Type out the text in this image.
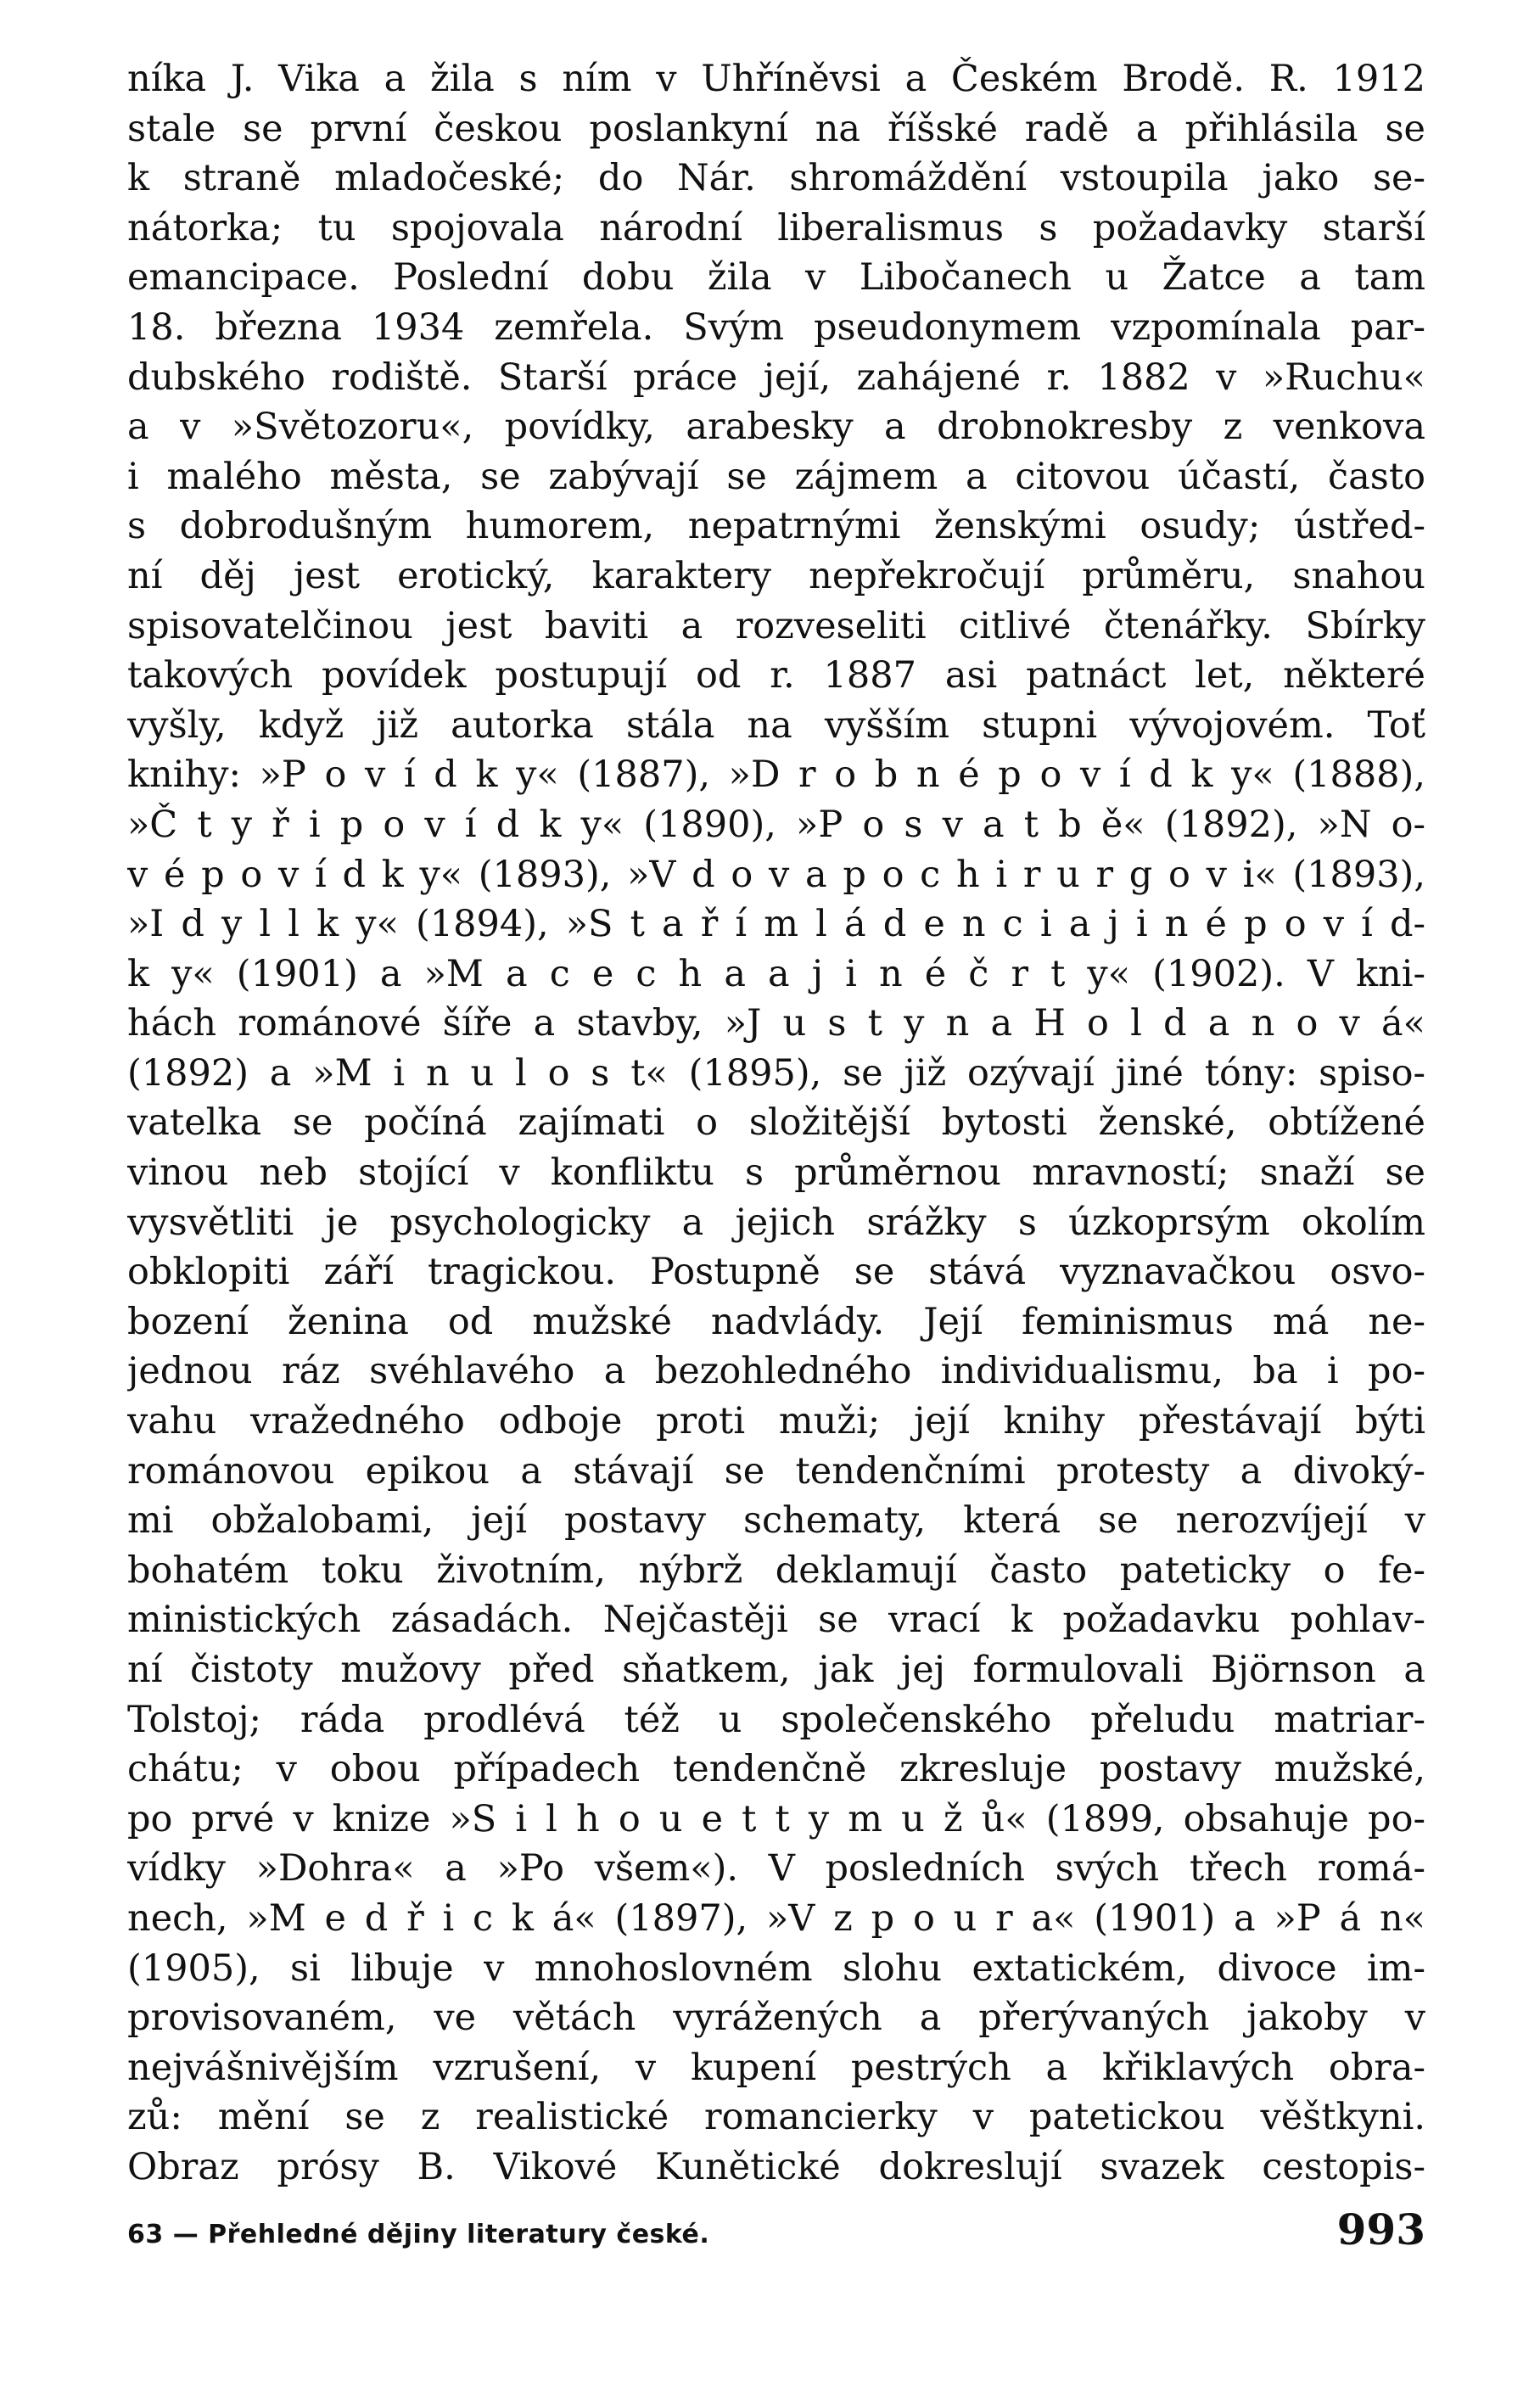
níka J. Vika a žila s ním v Uhříněvsi a Českém Brodě. R. 1912
stale se první českou poslankyní na říšské radě a přihlásila se
k straně mladočeské; do Nár. shromáždění vstoupila jako se-
nátorka; tu spojovala národní liberalismus s požadavky starší
emancipace. Poslední dobu žila v Libočanech u Žatce a tam
18. března 1934 zemřela. Svým pseudonymem vzpomínala par-
dubského rodiště. Starší práce její, zahájené r. 1882 v »Ruchu«
a v »Světozoru«, povídky, arabesky a drobnokresby z venkova
i malého města, se zabývají se zájmem a citovou účastí, často
s dobrodušným humorem, nepatrnými ženskými osudy; ústřed-
ní děj jest erotický, karaktery nepřekročují průměru, snahou
spisovatelčinou jest baviti a rozveseliti citlivé čtenářky. Sbírky
takových povídek postupují od r. 1887 asi patnáct let, některé
vyšly, když již autorka stála na vyšším stupni vývojovém. Toť
knihy: »P o v í d k y« (1887), »D r o b n é p o v í d k y« (1888),
»Č t y ř i p o v í d k y« (1890), »P o s v a t b ě« (1892), »N o-
v é p o v í d k y« (1893), »V d o v a p o c h i r u r g o v i« (1893),
»I d y l l k y« (1894), »S t a ř í m l á d e n c i a j i n é p o v í d-
k y« (1901) a »M a c e c h a a j i n é č r t y« (1902). V kni-
hách románové šíře a stavby, »J u s t y n a H o l d a n o v á«
(1892) a »M i n u l o s t« (1895), se již ozývají jiné tóny: spiso-
vatelka se počíná zajímati o složitější bytosti ženské, obtížené
vinou neb stojící v konfliktu s průměrnou mravností; snaží se
vysvětliti je psychologicky a jejich srážky s úzkoprsým okolím
obklopiti září tragickou. Postupně se stává vyznavačkou osvo-
bození ženina od mužské nadvlády. Její feminismus má ne-
jednou ráz svéhlavého a bezohledného individualismu, ba i po-
vahu vražedného odboje proti muži; její knihy přestávají býti
románovou epikou a stávají se tendenčními protesty a divoký-
mi obžalobami, její postavy schematy, která se nerozvíjejí v
bohatém toku životním, nýbrž deklamují často pateticky o fe-
ministických zásadách. Nejčastěji se vrací k požadavku pohlav-
ní čistoty mužovy před sňatkem, jak jej formulovali Björnson a
Tolstoj; ráda prodlévá též u společenského přeludu matriar-
chátu; v obou případech tendenčně zkresluje postavy mužské,
po prvé v knize »S i l h o u e t t y m u ž ů« (1899, obsahuje po-
vídky »Dohra« a »Po všem«). V posledních svých třech romá-
nech, »M e d ř i c k á« (1897), »V z p o u r a« (1901) a »P á n«
(1905), si libuje v mnohoslovném slohu extatickém, divoce im-
provisovaném, ve větách vyrážených a přerývaných jakoby v
nejvášnivějším vzrušení, v kupení pestrých a křiklavých obra-
zů: mění se z realistické romancierky v patetickou věštkyni.
Obraz prósy B. Vikové Kunětické dokreslují svazek cestopis-
63 — Přehledné dějiny literatury české.	993
